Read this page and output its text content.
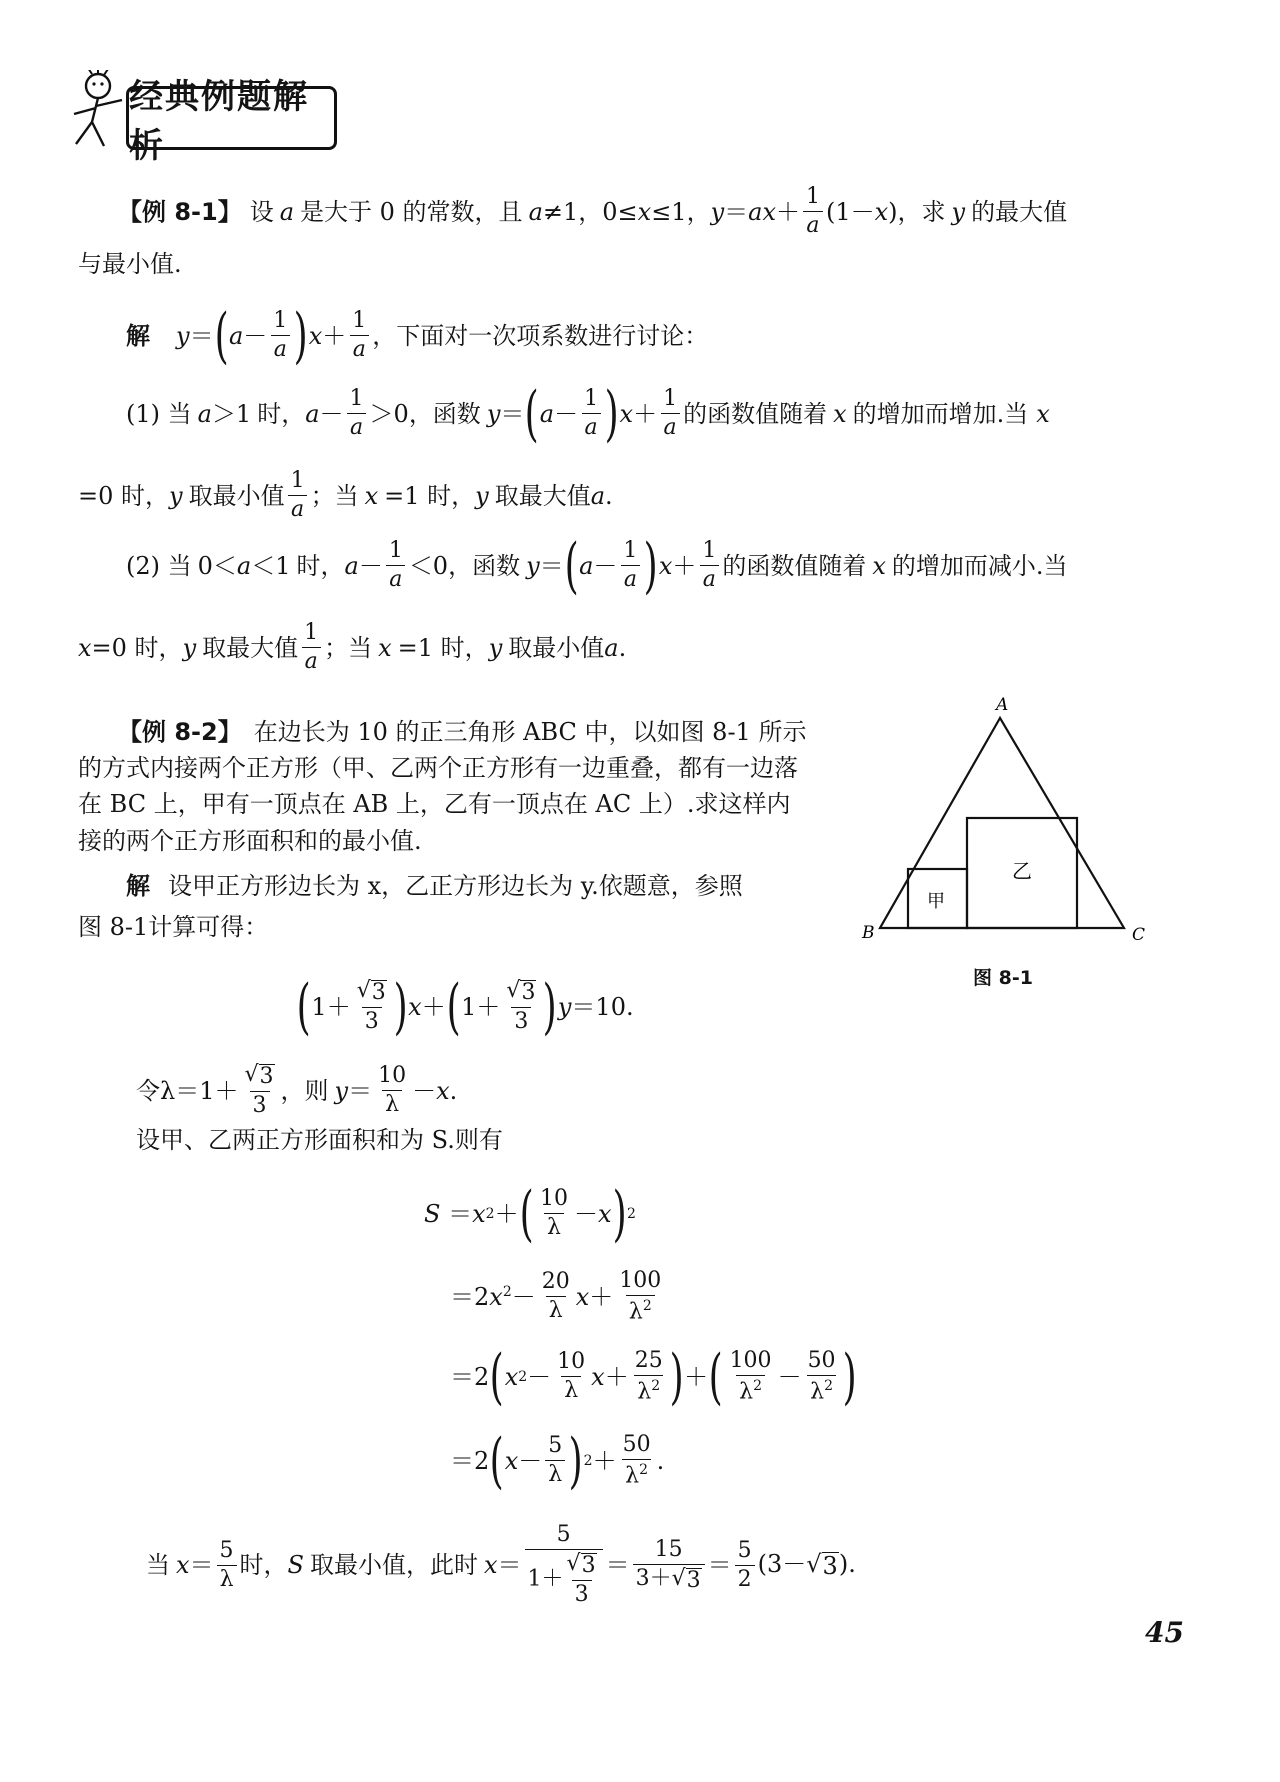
经典例题解析
【例 8-1】 设 a 是大于 0 的常数，且 a≠1，0≤x≤1，$y=ax+ \frac{1}{a} (1-x)$ ，求 y 的最大值
与最小值.
解 y＝ ( $a - \frac{1}{a}$ ) $x + \frac{1}{a}$ ，下面对一次项系数进行讨论：
(1) 当 a＞1 时， $a - \frac{1}{a} >0$ ，函数 y＝ ( $a - \frac{1}{a}$ ) $x + \frac{1}{a}$ 的函数值随着 x 的增加而增加.当 x
=0 时， y 取最小值 $\frac{1}{a}$ ；当 x =1 时， y 取最大值 a.
(2) 当 0＜a＜1 时， $a - \frac{1}{a} <0$ ，函数 y＝ ( $a - \frac{1}{a}$ ) $x + \frac{1}{a}$ 的函数值随着 x 的增加而减小.当
x =0 时， y 取最大值 $\frac{1}{a}$ ；当 x =1 时， y 取最小值 a.
【例 8-2】 在边长为 10 的正三角形 ABC 中，以如图 8-1 所示
的方式内接两个正方形（甲、乙两个正方形有一边重叠，都有一边落
在 BC 上，甲有一顶点在 AB 上，乙有一顶点在 AC 上）.求这样内
接的两个正方形面积和的最小值.
解 设甲正方形边长为 x，乙正方形边长为 y.依题意，参照
图 8-1计算可得：
( $1+ \frac{√ 3}{3}$ ) x ＋ ( $1+ \frac{√ 3}{3}$ ) y ＝10.
令 $\lambda=1+ \frac{√ 3}{3}$ ，则 $y= \frac{10}{\lambda} -x$.
设甲、乙两正方形面积和为 S.则有
S ＝ x 2 ＋ ( $\frac{10}{\lambda} - x$ ) 2
$=2x^2- \frac{20}{\lambda}$ $x + \frac{100}{\lambda^2}$
＝2 ( x $2 - \frac{10}{\lambda}$ $x + \frac{25}{\lambda^2}$ ) ＋ ( $\frac{100}{\lambda^2} - \frac{50}{\lambda^2}$ )
＝2 ( $x - \frac{5}{\lambda}$ ) $2 + \frac{50}{\lambda^2}$ .
当 $x= \frac{5}{\lambda}$ 时， S 取最小值，此时 $x= \frac{5}{1+ \frac{√ 3}{3}} = \frac{15}{3+√ 3} = \frac{5}{2} (3-√$ 3 ).
A
B	C
甲
乙
图 8-1
45
